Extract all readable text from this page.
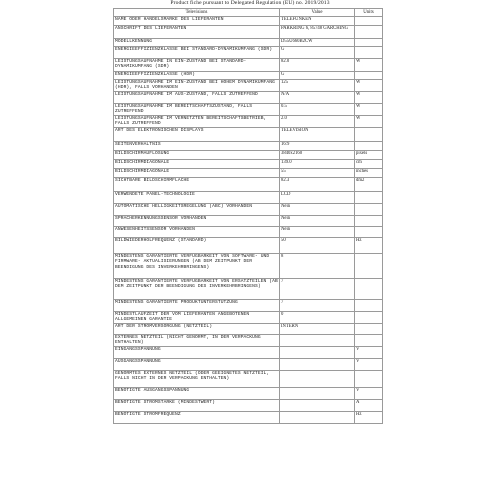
Product fiche pursuant to Delegated Regulation (EU) no. 2019/2013
Televisions	Value	Units
NAME ODER HANDELSMARKE DES LIEFERANTEN	TELEFUNKEN	
ANSCHRIFT DES LIEFERANTEN	PARKRING 6, 85748 GARCHING	
MODELLKENNUNG	D55U660B2CW	
ENERGIEEFFIZIENZKLASSE BEI STANDARD-DYNAMIKUMFANG (SDR)	G	
LEISTUNGSAUFNAHME IN EIN-ZUSTAND BEI STANDARD- DYNAMIKUMFANG (SDR)	82.0	W
ENERGIEEFFIZIENZKLASSE (HDR)	G	
LEISTUNGSAUFNAHME IM EIN-ZUSTAND BEI HOHEM DYNAMIKUMFANG (HDR), FALLS VORHANDEN	125	W
LEISTUNGSAUFNAHME IM AUS-ZUSTAND, FALLS ZUTREFFEND	N/A	W
LEISTUNGSAUFNAHME IM BEREITSCHAFTSZUSTAND, FALLS ZUTREFFEND	0.5	W
LEISTUNGSAUFNAHME IM VERNETZTEN BEREITSCHAFTSBETRIEB, FALLS ZUTREFFEND	2.0	W
ART DES ELEKTRONISCHEN DISPLAYS	TELEVISION	
SEITENVERHÄLTNIS	16:9	
BILDSCHIRMAUFLÖSUNG	3840x2160	pixels
BILDSCHIRMDIAGONALE	139.0	cm
BILDSCHIRMDIAGONALE	55	inches
SICHTBARE BILDSCHIRMFLÄCHE	82.3	dm2
VERWENDETE PANEL-TECHNOLOGIE	LCD	
AUTOMATISCHE HELLIGKEITSREGELUNG (ABC) VORHANDEN	Nein	
SPRACHERKENNUNGSSENSOR VORHANDEN	Nein	
ANWESENHEITSSENSOR VORHANDEN	Nein	
BILDWIEDERHOLFREQUENZ (STANDARD)	50	Hz
MINDESTENS GARANTIERTE VERFÜGBARKEIT VON SOFTWARE- UND FIRMWARE- AKTUALISIERUNGEN (AB DEM ZEITPUNKT DER BEENDIGUNG DES INVERKEHRBRINGENS)	8	
MINDESTENS GARANTIERTE VERFÜGBARKEIT VON ERSATZTEILEN (AB DEM ZEITPUNKT DER BEENDIGUNG DES INVERKEHRBRINGENS)	7	
MINDESTENS GARANTIERTE PRODUKTUNTERSTÜTZUNG	7	
MINDESTLAUFZEIT DER VOM LIEFERANTEN ANGEBOTENEN ALLGEMEINEN GARANTIE	0	
ART DER STROMVERSORGUNG (NETZTEIL)	INTERN	
EXTERNES NETZTEIL (NICHT GENORMT, IN DER VERPACKUNG ENTHALTEN)		
EINGANGSSPANNUNG		V
AUSGANGSSPANNUNG		V
GENORMTES EXTERNES NETZTEIL (ODER GEEIGNETES NETZTEIL, FALLS NICHT IN DER VERPACKUNG ENTHALTEN)		
BENÖTIGTE AUSGANGSSPANNUNG		V
BENÖTIGTE STROMSTÄRKE (MINDESTWERT)		A
BENÖTIGTE STROMFREQUENZ		Hz
